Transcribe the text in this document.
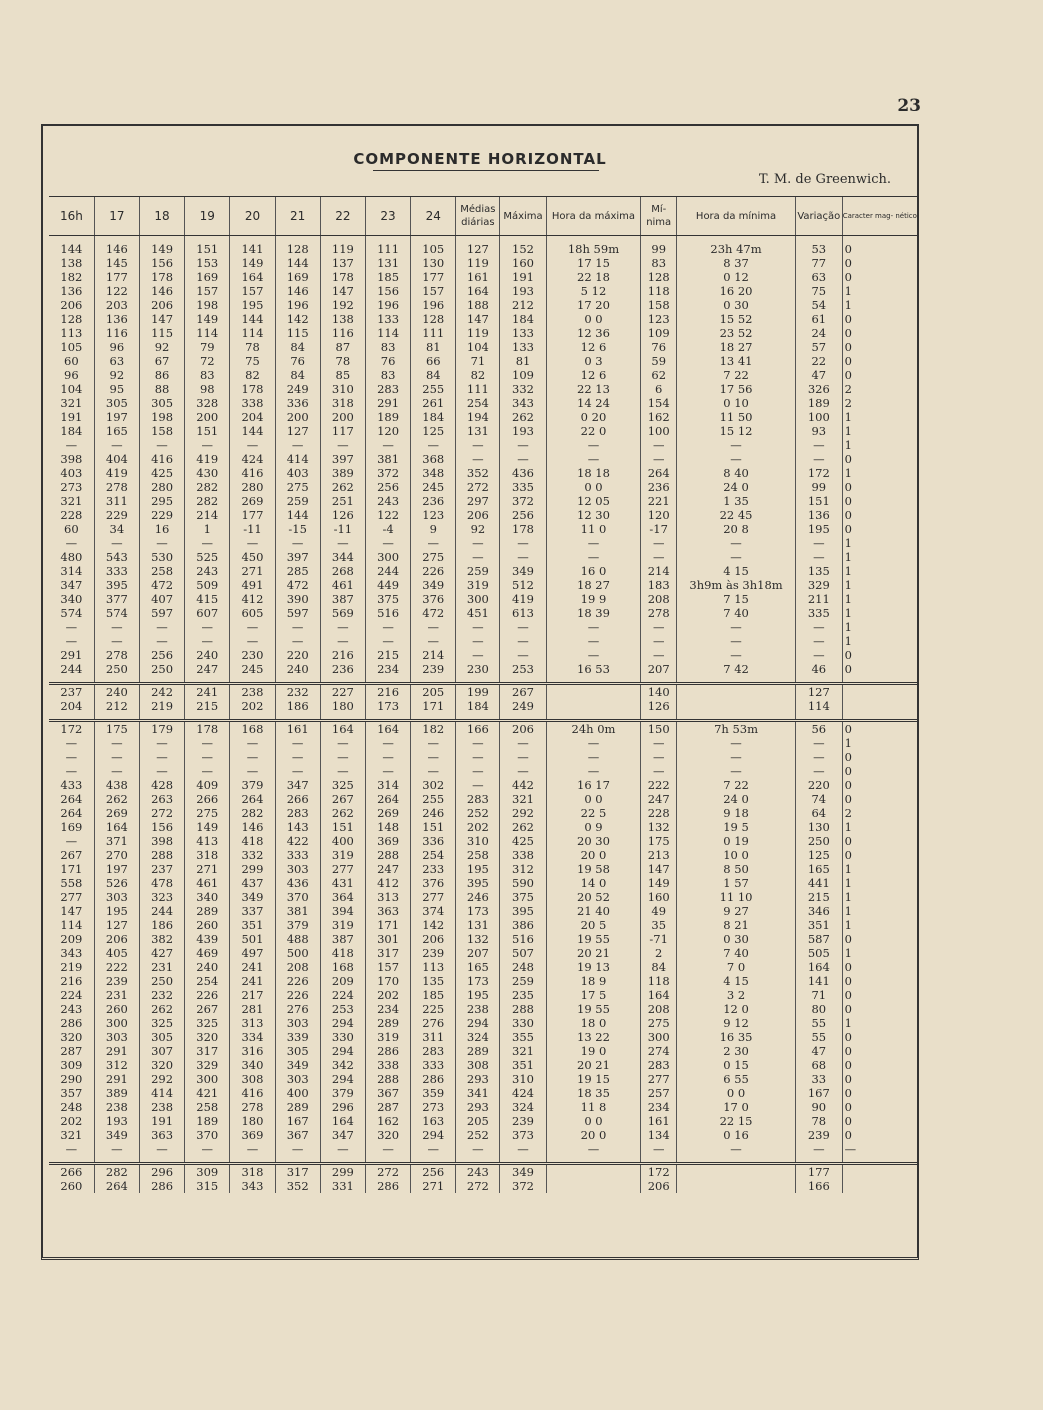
23
COMPONENTE HORIZONTAL
T. M. de Greenwich.
16h	17	18	19	20	21	22	23	24	Médias diárias	Máxima	Hora da máxima	Mí- nima	Hora da mínima	Variação	Caracter mag- nético

144	146	149	151	141	128	119	111	105	127	152	18h 59m	99	23h 47m	53	0
138	145	156	153	149	144	137	131	130	119	160	17 15	83	8 37	77	0
182	177	178	169	164	169	178	185	177	161	191	22 18	128	0 12	63	0
136	122	146	157	157	146	147	156	157	164	193	5 12	118	16 20	75	1
206	203	206	198	195	196	192	196	196	188	212	17 20	158	0 30	54	1
128	136	147	149	144	142	138	133	128	147	184	0 0	123	15 52	61	0
113	116	115	114	114	115	116	114	111	119	133	12 36	109	23 52	24	0
105	96	92	79	78	84	87	83	81	104	133	12 6	76	18 27	57	0
60	63	67	72	75	76	78	76	66	71	81	0 3	59	13 41	22	0
96	92	86	83	82	84	85	83	84	82	109	12 6	62	7 22	47	0
104	95	88	98	178	249	310	283	255	111	332	22 13	6	17 56	326	2
321	305	305	328	338	336	318	291	261	254	343	14 24	154	0 10	189	2
191	197	198	200	204	200	200	189	184	194	262	0 20	162	11 50	100	1
184	165	158	151	144	127	117	120	125	131	193	22 0	100	15 12	93	1
—	—	—	—	—	—	—	—	—	—	—	—	—	—	—	1
398	404	416	419	424	414	397	381	368	—	—	—	—	—	—	0
403	419	425	430	416	403	389	372	348	352	436	18 18	264	8 40	172	1
273	278	280	282	280	275	262	256	245	272	335	0 0	236	24 0	99	0
321	311	295	282	269	259	251	243	236	297	372	12 05	221	1 35	151	0
228	229	229	214	177	144	126	122	123	206	256	12 30	120	22 45	136	0
60	34	16	1	-11	-15	-11	-4	9	92	178	11 0	-17	20 8	195	0
—	—	—	—	—	—	—	—	—	—	—	—	—	—	—	1
480	543	530	525	450	397	344	300	275	—	—	—	—	—	—	1
314	333	258	243	271	285	268	244	226	259	349	16 0	214	4 15	135	1
347	395	472	509	491	472	461	449	349	319	512	18 27	183	3h9m às 3h18m	329	1
340	377	407	415	412	390	387	375	376	300	419	19 9	208	7 15	211	1
574	574	597	607	605	597	569	516	472	451	613	18 39	278	7 40	335	1
—	—	—	—	—	—	—	—	—	—	—	—	—	—	—	1
—	—	—	—	—	—	—	—	—	—	—	—	—	—	—	1
291	278	256	240	230	220	216	215	214	—	—	—	—	—	—	0
244	250	250	247	245	240	236	234	239	230	253	16 53	207	7 42	46	0

237	240	242	241	238	232	227	216	205	199	267		140		127	
204	212	219	215	202	186	180	173	171	184	249		126		114	

172	175	179	178	168	161	164	164	182	166	206	24h 0m	150	7h 53m	56	0
—	—	—	—	—	—	—	—	—	—	—	—	—	—	—	1
—	—	—	—	—	—	—	—	—	—	—	—	—	—	—	0
—	—	—	—	—	—	—	—	—	—	—	—	—	—	—	0
433	438	428	409	379	347	325	314	302	—	442	16 17	222	7 22	220	0
264	262	263	266	264	266	267	264	255	283	321	0 0	247	24 0	74	0
264	269	272	275	282	283	262	269	246	252	292	22 5	228	9 18	64	2
169	164	156	149	146	143	151	148	151	202	262	0 9	132	19 5	130	1
—	371	398	413	418	422	400	369	336	310	425	20 30	175	0 19	250	0
267	270	288	318	332	333	319	288	254	258	338	20 0	213	10 0	125	0
171	197	237	271	299	303	277	247	233	195	312	19 58	147	8 50	165	1
558	526	478	461	437	436	431	412	376	395	590	14 0	149	1 57	441	1
277	303	323	340	349	370	364	313	277	246	375	20 52	160	11 10	215	1
147	195	244	289	337	381	394	363	374	173	395	21 40	49	9 27	346	1
114	127	186	260	351	379	319	171	142	131	386	20 5	35	8 21	351	1
209	206	382	439	501	488	387	301	206	132	516	19 55	-71	0 30	587	0
343	405	427	469	497	500	418	317	239	207	507	20 21	2	7 40	505	1
219	222	231	240	241	208	168	157	113	165	248	19 13	84	7 0	164	0
216	239	250	254	241	226	209	170	135	173	259	18 9	118	4 15	141	0
224	231	232	226	217	226	224	202	185	195	235	17 5	164	3 2	71	0
243	260	262	267	281	276	253	234	225	238	288	19 55	208	12 0	80	0
286	300	325	325	313	303	294	289	276	294	330	18 0	275	9 12	55	1
320	303	305	320	334	339	330	319	311	324	355	13 22	300	16 35	55	0
287	291	307	317	316	305	294	286	283	289	321	19 0	274	2 30	47	0
309	312	320	329	340	349	342	338	333	308	351	20 21	283	0 15	68	0
290	291	292	300	308	303	294	288	286	293	310	19 15	277	6 55	33	0
357	389	414	421	416	400	379	367	359	341	424	18 35	257	0 0	167	0
248	238	238	258	278	289	296	287	273	293	324	11 8	234	17 0	90	0
202	193	191	189	180	167	164	162	163	205	239	0 0	161	22 15	78	0
321	349	363	370	369	367	347	320	294	252	373	20 0	134	0 16	239	0
—	—	—	—	—	—	—	—	—	—	—	—	—	—	—	—

266	282	296	309	318	317	299	272	256	243	349		172		177	
260	264	286	315	343	352	331	286	271	272	372		206		166	
